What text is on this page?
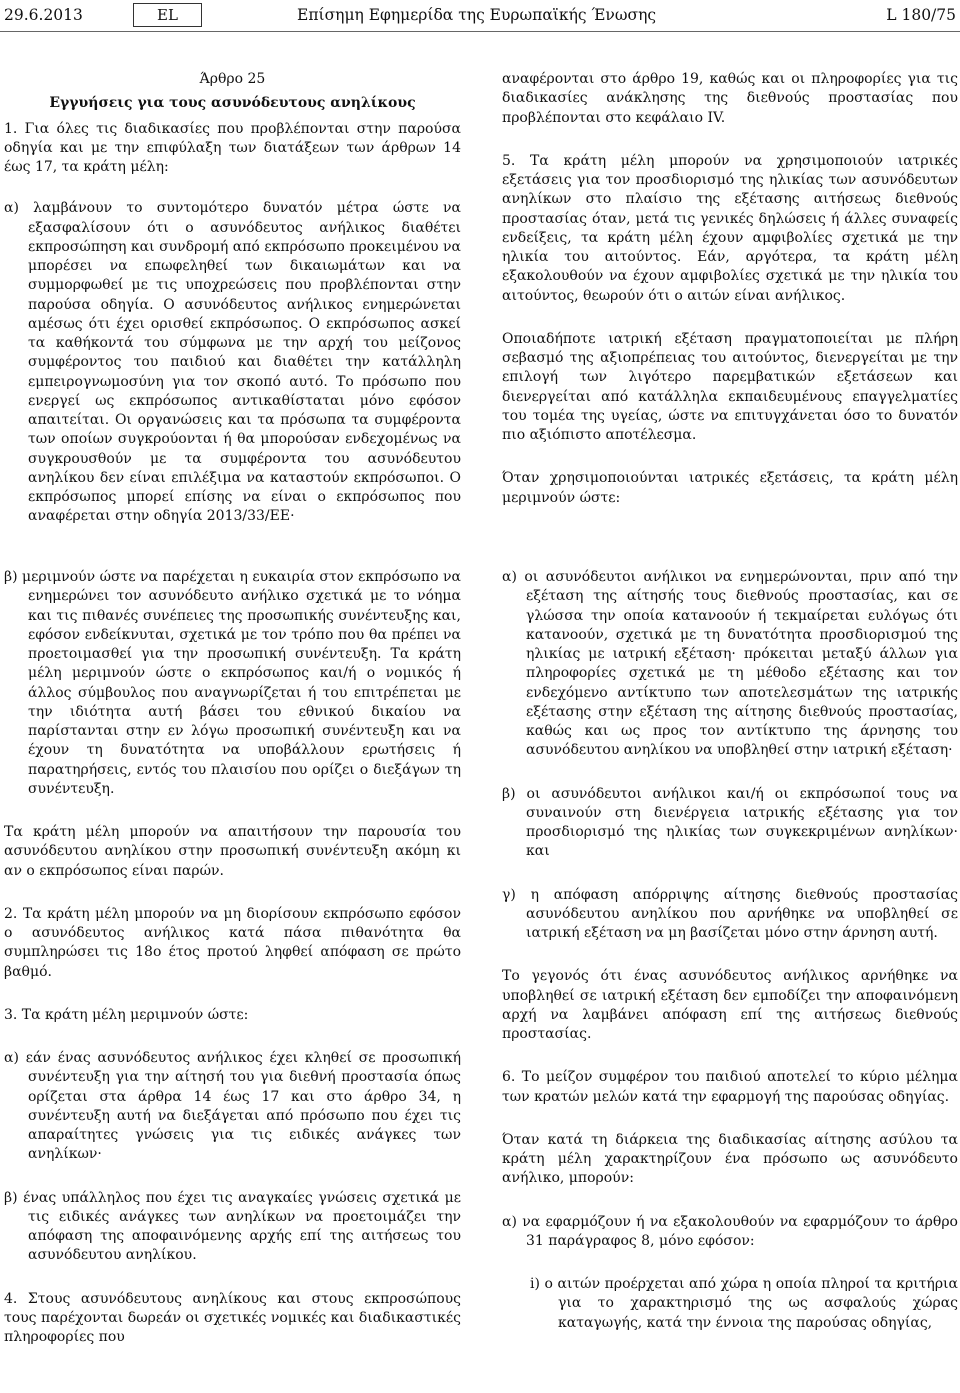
29.6.2013	EL	Επίσημη Εφημερίδα της Ευρωπαϊκής Ένωσης	L 180/75

Άρθρο 25

Εγγυήσεις για τους ασυνόδευτους ανηλίκους

1. Για όλες τις διαδικασίες που προβλέπονται στην παρούσα οδηγία και με την επιφύλαξη των διατάξεων των άρθρων 14 έως 17, τα κράτη μέλη:

α) λαμβάνουν το συντομότερο δυνατόν μέτρα ώστε να εξασφαλίσουν ότι ο ασυνόδευτος ανήλικος διαθέτει εκπροσώπηση και συνδρομή από εκπρόσωπο προκειμένου να μπορέσει να επωφεληθεί των δικαιωμάτων και να συμμορφωθεί με τις υποχρεώσεις που προβλέπονται στην παρούσα οδηγία. Ο ασυνόδευτος ανήλικος ενημερώνεται αμέσως ότι έχει ορισθεί εκπρόσωπος. Ο εκπρόσωπος ασκεί τα καθήκοντά του σύμφωνα με την αρχή του μείζονος συμφέροντος του παιδιού και διαθέτει την κατάλληλη εμπειρογνωμοσύνη για τον σκοπό αυτό. Το πρόσωπο που ενεργεί ως εκπρόσωπος αντικαθίσταται μόνο εφόσον απαιτείται. Οι οργανώσεις και τα πρόσωπα τα συμφέροντα των οποίων συγκρούονται ή θα μπορούσαν ενδεχομένως να συγκρουσθούν με τα συμφέροντα του ασυνόδευτου ανηλίκου δεν είναι επιλέξιμα να καταστούν εκπρόσωποι. Ο εκπρόσωπος μπορεί επίσης να είναι ο εκπρόσωπος που αναφέρεται στην οδηγία 2013/33/ΕΕ·

αναφέρονται στο άρθρο 19, καθώς και οι πληροφορίες για τις διαδικασίες ανάκλησης της διεθνούς προστασίας που προβλέπονται στο κεφάλαιο IV.

5. Τα κράτη μέλη μπορούν να χρησιμοποιούν ιατρικές εξετάσεις για τον προσδιορισμό της ηλικίας των ασυνόδευτων ανηλίκων στο πλαίσιο της εξέτασης αιτήσεως διεθνούς προστασίας όταν, μετά τις γενικές δηλώσεις ή άλλες συναφείς ενδείξεις, τα κράτη μέλη έχουν αμφιβολίες σχετικά με την ηλικία του αιτούντος. Εάν, αργότερα, τα κράτη μέλη εξακολουθούν να έχουν αμφιβολίες σχετικά με την ηλικία του αιτούντος, θεωρούν ότι ο αιτών είναι ανήλικος.

Οποιαδήποτε ιατρική εξέταση πραγματοποιείται με πλήρη σεβασμό της αξιοπρέπειας του αιτούντος, διενεργείται με την επιλογή των λιγότερο παρεμβατικών εξετάσεων και διενεργείται από κατάλληλα εκπαιδευμένους επαγγελματίες του τομέα της υγείας, ώστε να επιτυγχάνεται όσο το δυνατόν πιο αξιόπιστο αποτέλεσμα.

Όταν χρησιμοποιούνται ιατρικές εξετάσεις, τα κράτη μέλη μεριμνούν ώστε:

β) μεριμνούν ώστε να παρέχεται η ευκαιρία στον εκπρόσωπο να ενημερώνει τον ασυνόδευτο ανήλικο σχετικά με το νόημα και τις πιθανές συνέπειες της προσωπικής συνέντευξης και, εφόσον ενδείκνυται, σχετικά με τον τρόπο που θα πρέπει να προετοιμασθεί για την προσωπική συνέντευξη. Τα κράτη μέλη μεριμνούν ώστε ο εκπρόσωπος και/ή ο νομικός ή άλλος σύμβουλος που αναγνωρίζεται ή του επιτρέπεται με την ιδιότητα αυτή βάσει του εθνικού δικαίου να παρίστανται στην εν λόγω προσωπική συνέντευξη και να έχουν τη δυνατότητα να υποβάλλουν ερωτήσεις ή παρατηρήσεις, εντός του πλαισίου που ορίζει ο διεξάγων τη συνέντευξη.

Τα κράτη μέλη μπορούν να απαιτήσουν την παρουσία του ασυνόδευτου ανηλίκου στην προσωπική συνέντευξη ακόμη κι αν ο εκπρόσωπος είναι παρών.

2. Τα κράτη μέλη μπορούν να μη διορίσουν εκπρόσωπο εφόσον ο ασυνόδευτος ανήλικος κατά πάσα πιθανότητα θα συμπληρώσει τις 18ο έτος προτού ληφθεί απόφαση σε πρώτο βαθμό.

3. Τα κράτη μέλη μεριμνούν ώστε:

α) εάν ένας ασυνόδευτος ανήλικος έχει κληθεί σε προσωπική συνέντευξη για την αίτησή του για διεθνή προστασία όπως ορίζεται στα άρθρα 14 έως 17 και στο άρθρο 34, η συνέντευξη αυτή να διεξάγεται από πρόσωπο που έχει τις απαραίτητες γνώσεις για τις ειδικές ανάγκες των ανηλίκων·

β) ένας υπάλληλος που έχει τις αναγκαίες γνώσεις σχετικά με τις ειδικές ανάγκες των ανηλίκων να προετοιμάζει την απόφαση της αποφαινόμενης αρχής επί της αιτήσεως του ασυνόδευτου ανηλίκου.

4. Στους ασυνόδευτους ανηλίκους και στους εκπροσώπους τους παρέχονται δωρεάν οι σχετικές νομικές και διαδικαστικές πληροφορίες που

α) οι ασυνόδευτοι ανήλικοι να ενημερώνονται, πριν από την εξέταση της αίτησής τους διεθνούς προστασίας, και σε γλώσσα την οποία κατανοούν ή τεκμαίρεται ευλόγως ότι κατανοούν, σχετικά με τη δυνατότητα προσδιορισμού της ηλικίας με ιατρική εξέταση· πρόκειται μεταξύ άλλων για πληροφορίες σχετικά με τη μέθοδο εξέτασης και τον ενδεχόμενο αντίκτυπο των αποτελεσμάτων της ιατρικής εξέτασης στην εξέταση της αίτησης διεθνούς προστασίας, καθώς και ως προς τον αντίκτυπο της άρνησης του ασυνόδευτου ανηλίκου να υποβληθεί στην ιατρική εξέταση·

β) οι ασυνόδευτοι ανήλικοι και/ή οι εκπρόσωποί τους να συναινούν στη διενέργεια ιατρικής εξέτασης για τον προσδιορισμό της ηλικίας των συγκεκριμένων ανηλίκων· και

γ) η απόφαση απόρριψης αίτησης διεθνούς προστασίας ασυνόδευτου ανηλίκου που αρνήθηκε να υποβληθεί σε ιατρική εξέταση να μη βασίζεται μόνο στην άρνηση αυτή.

Το γεγονός ότι ένας ασυνόδευτος ανήλικος αρνήθηκε να υποβληθεί σε ιατρική εξέταση δεν εμποδίζει την αποφαινόμενη αρχή να λαμβάνει απόφαση επί της αιτήσεως διεθνούς προστασίας.

6. Το μείζον συμφέρον του παιδιού αποτελεί το κύριο μέλημα των κρατών μελών κατά την εφαρμογή της παρούσας οδηγίας.

Όταν κατά τη διάρκεια της διαδικασίας αίτησης ασύλου τα κράτη μέλη χαρακτηρίζουν ένα πρόσωπο ως ασυνόδευτο ανήλικο, μπορούν:

α) να εφαρμόζουν ή να εξακολουθούν να εφαρμόζουν το άρθρο 31 παράγραφος 8, μόνο εφόσον:

i) ο αιτών προέρχεται από χώρα η οποία πληροί τα κριτήρια για το χαρακτηρισμό της ως ασφαλούς χώρας καταγωγής, κατά την έννοια της παρούσας οδηγίας,
